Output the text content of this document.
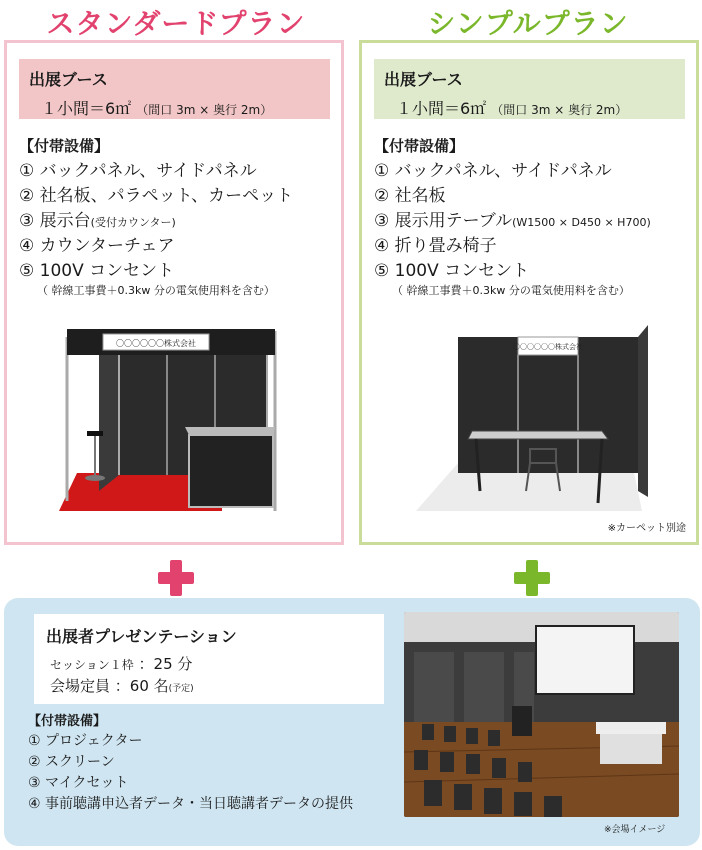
スタンダードプラン	シンプルプラン
出展ブース
１小間＝6㎡ （間口 3m × 奥行 2m）
【付帯設備】
① バックパネル、サイドパネル
② 社名板、パラペット、カーペット
③ 展示台(受付カウンター)
④ カウンターチェア
⑤ 100V コンセント
（ 幹線工事費＋0.3kw 分の電気使用料を含む）
〇〇〇〇〇〇株式会社
出展ブース
１小間＝6㎡ （間口 3m × 奥行 2m）
【付帯設備】
① バックパネル、サイドパネル
② 社名板
③ 展示用テーブル(W1500 × D450 × H700)
④ 折り畳み椅子
⑤ 100V コンセント
（ 幹線工事費＋0.3kw 分の電気使用料を含む）
〇〇〇〇〇〇株式会社
※カーペット別途
出展者プレゼンテーション
セッション１枠 ：25 分
会場定員 ：60 名(予定)
【付帯設備】
① プロジェクター
② スクリーン
③ マイクセット
④ 事前聴講申込者データ・当日聴講者データの提供
※会場イメージ
